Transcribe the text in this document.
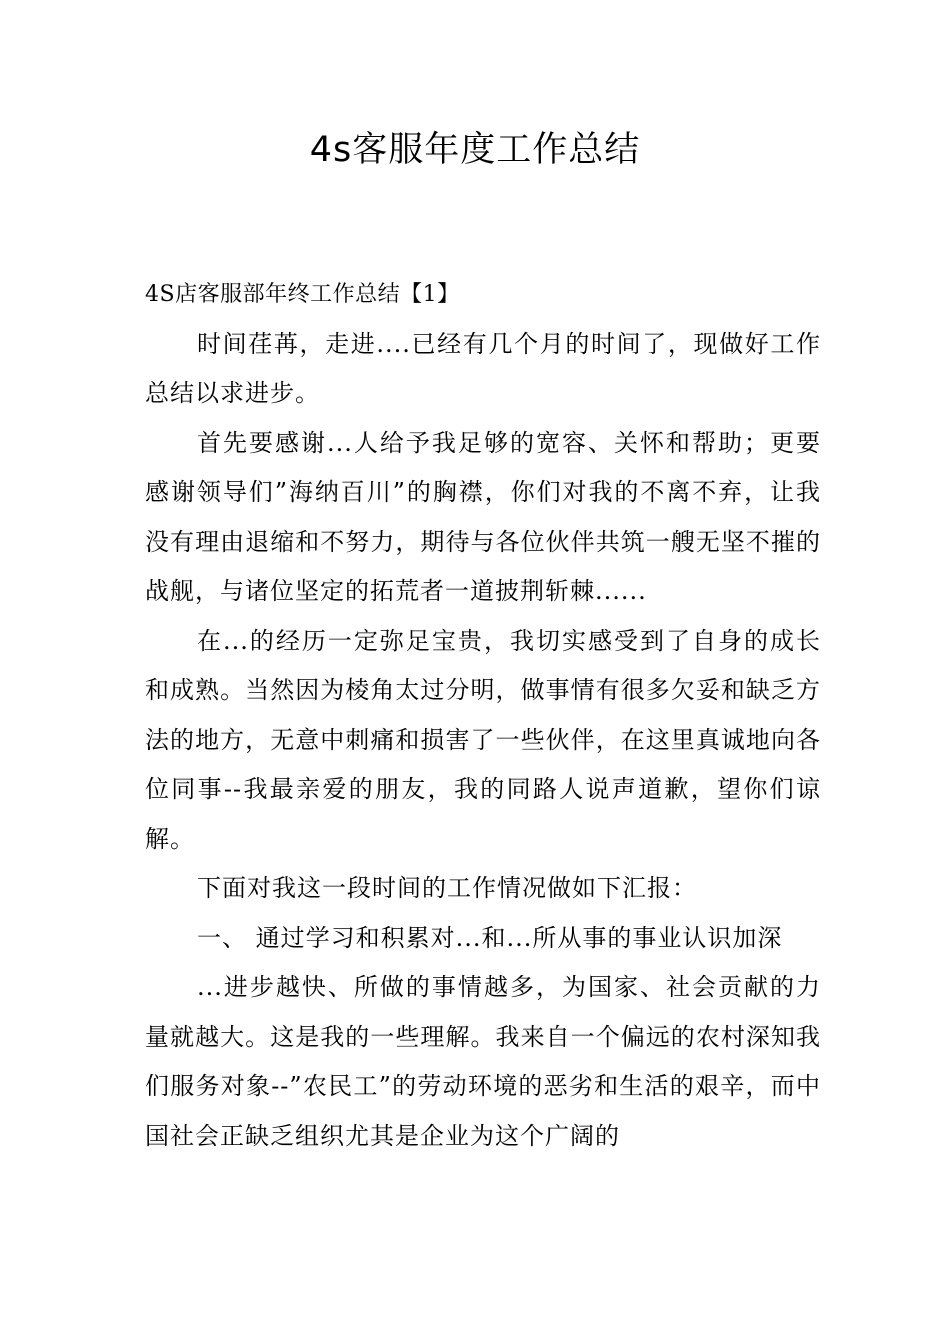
4s客服年度工作总结

4S店客服部年终工作总结【1】

时间荏苒，走进....已经有几个月的时间了，现做好工作总结以求进步。

首先要感谢...人给予我足够的宽容、关怀和帮助；更要感谢领导们”海纳百川”的胸襟，你们对我的不离不弃，让我没有理由退缩和不努力，期待与各位伙伴共筑一艘无坚不摧的战舰，与诸位坚定的拓荒者一道披荆斩棘......

在...的经历一定弥足宝贵，我切实感受到了自身的成长和成熟。当然因为棱角太过分明，做事情有很多欠妥和缺乏方法的地方，无意中刺痛和损害了一些伙伴，在这里真诚地向各位同事--我最亲爱的朋友，我的同路人说声道歉，望你们谅解。

下面对我这一段时间的工作情况做如下汇报：

一、 通过学习和积累对...和...所从事的事业认识加深

...进步越快、所做的事情越多，为国家、社会贡献的力量就越大。这是我的一些理解。我来自一个偏远的农村深知我们服务对象--”农民工”的劳动环境的恶劣和生活的艰辛，而中国社会正缺乏组织尤其是企业为这个广阔的
